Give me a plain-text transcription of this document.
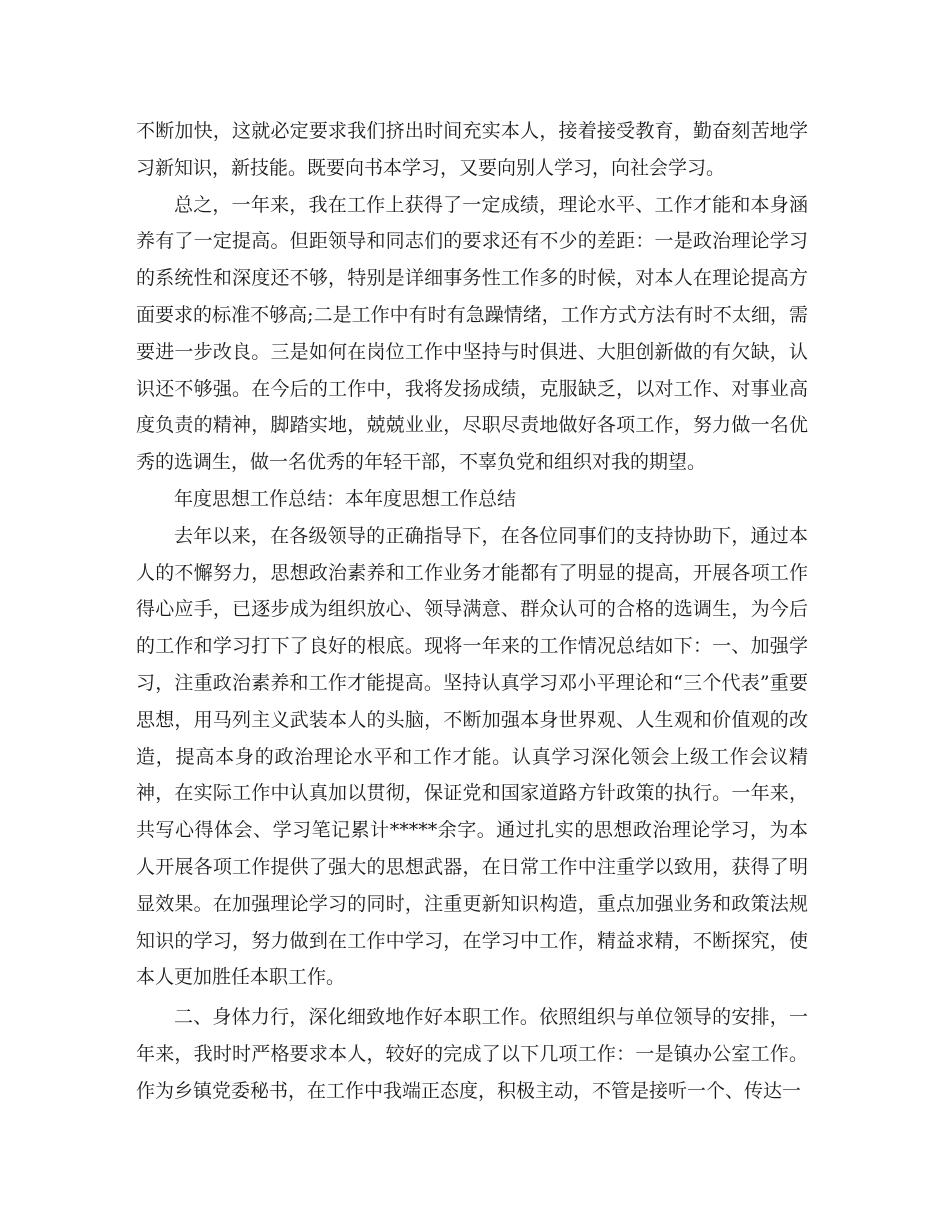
不断加快，这就必定要求我们挤出时间充实本人，接着接受教育，勤奋刻苦地学习新知识，新技能。既要向书本学习，又要向别人学习，向社会学习。

总之，一年来，我在工作上获得了一定成绩，理论水平、工作才能和本身涵养有了一定提高。但距领导和同志们的要求还有不少的差距：一是政治理论学习的系统性和深度还不够，特别是详细事务性工作多的时候，对本人在理论提高方面要求的标准不够高;二是工作中有时有急躁情绪，工作方式方法有时不太细，需要进一步改良。三是如何在岗位工作中坚持与时俱进、大胆创新做的有欠缺，认识还不够强。在今后的工作中，我将发扬成绩，克服缺乏，以对工作、对事业高度负责的精神，脚踏实地，兢兢业业，尽职尽责地做好各项工作，努力做一名优秀的选调生，做一名优秀的年轻干部，不辜负党和组织对我的期望。

年度思想工作总结：本年度思想工作总结

去年以来，在各级领导的正确指导下，在各位同事们的支持协助下，通过本人的不懈努力，思想政治素养和工作业务才能都有了明显的提高，开展各项工作得心应手，已逐步成为组织放心、领导满意、群众认可的合格的选调生，为今后的工作和学习打下了良好的根底。现将一年来的工作情况总结如下：一、加强学习，注重政治素养和工作才能提高。坚持认真学习邓小平理论和“三个代表”重要思想，用马列主义武装本人的头脑，不断加强本身世界观、人生观和价值观的改造，提高本身的政治理论水平和工作才能。认真学习深化领会上级工作会议精神，在实际工作中认真加以贯彻，保证党和国家道路方针政策的执行。一年来，共写心得体会、学习笔记累计*****余字。通过扎实的思想政治理论学习，为本人开展各项工作提供了强大的思想武器，在日常工作中注重学以致用，获得了明显效果。在加强理论学习的同时，注重更新知识构造，重点加强业务和政策法规知识的学习，努力做到在工作中学习，在学习中工作，精益求精，不断探究，使本人更加胜任本职工作。

二、身体力行，深化细致地作好本职工作。依照组织与单位领导的安排，一年来，我时时严格要求本人，较好的完成了以下几项工作：一是镇办公室工作。作为乡镇党委秘书，在工作中我端正态度，积极主动，不管是接听一个、传达一
